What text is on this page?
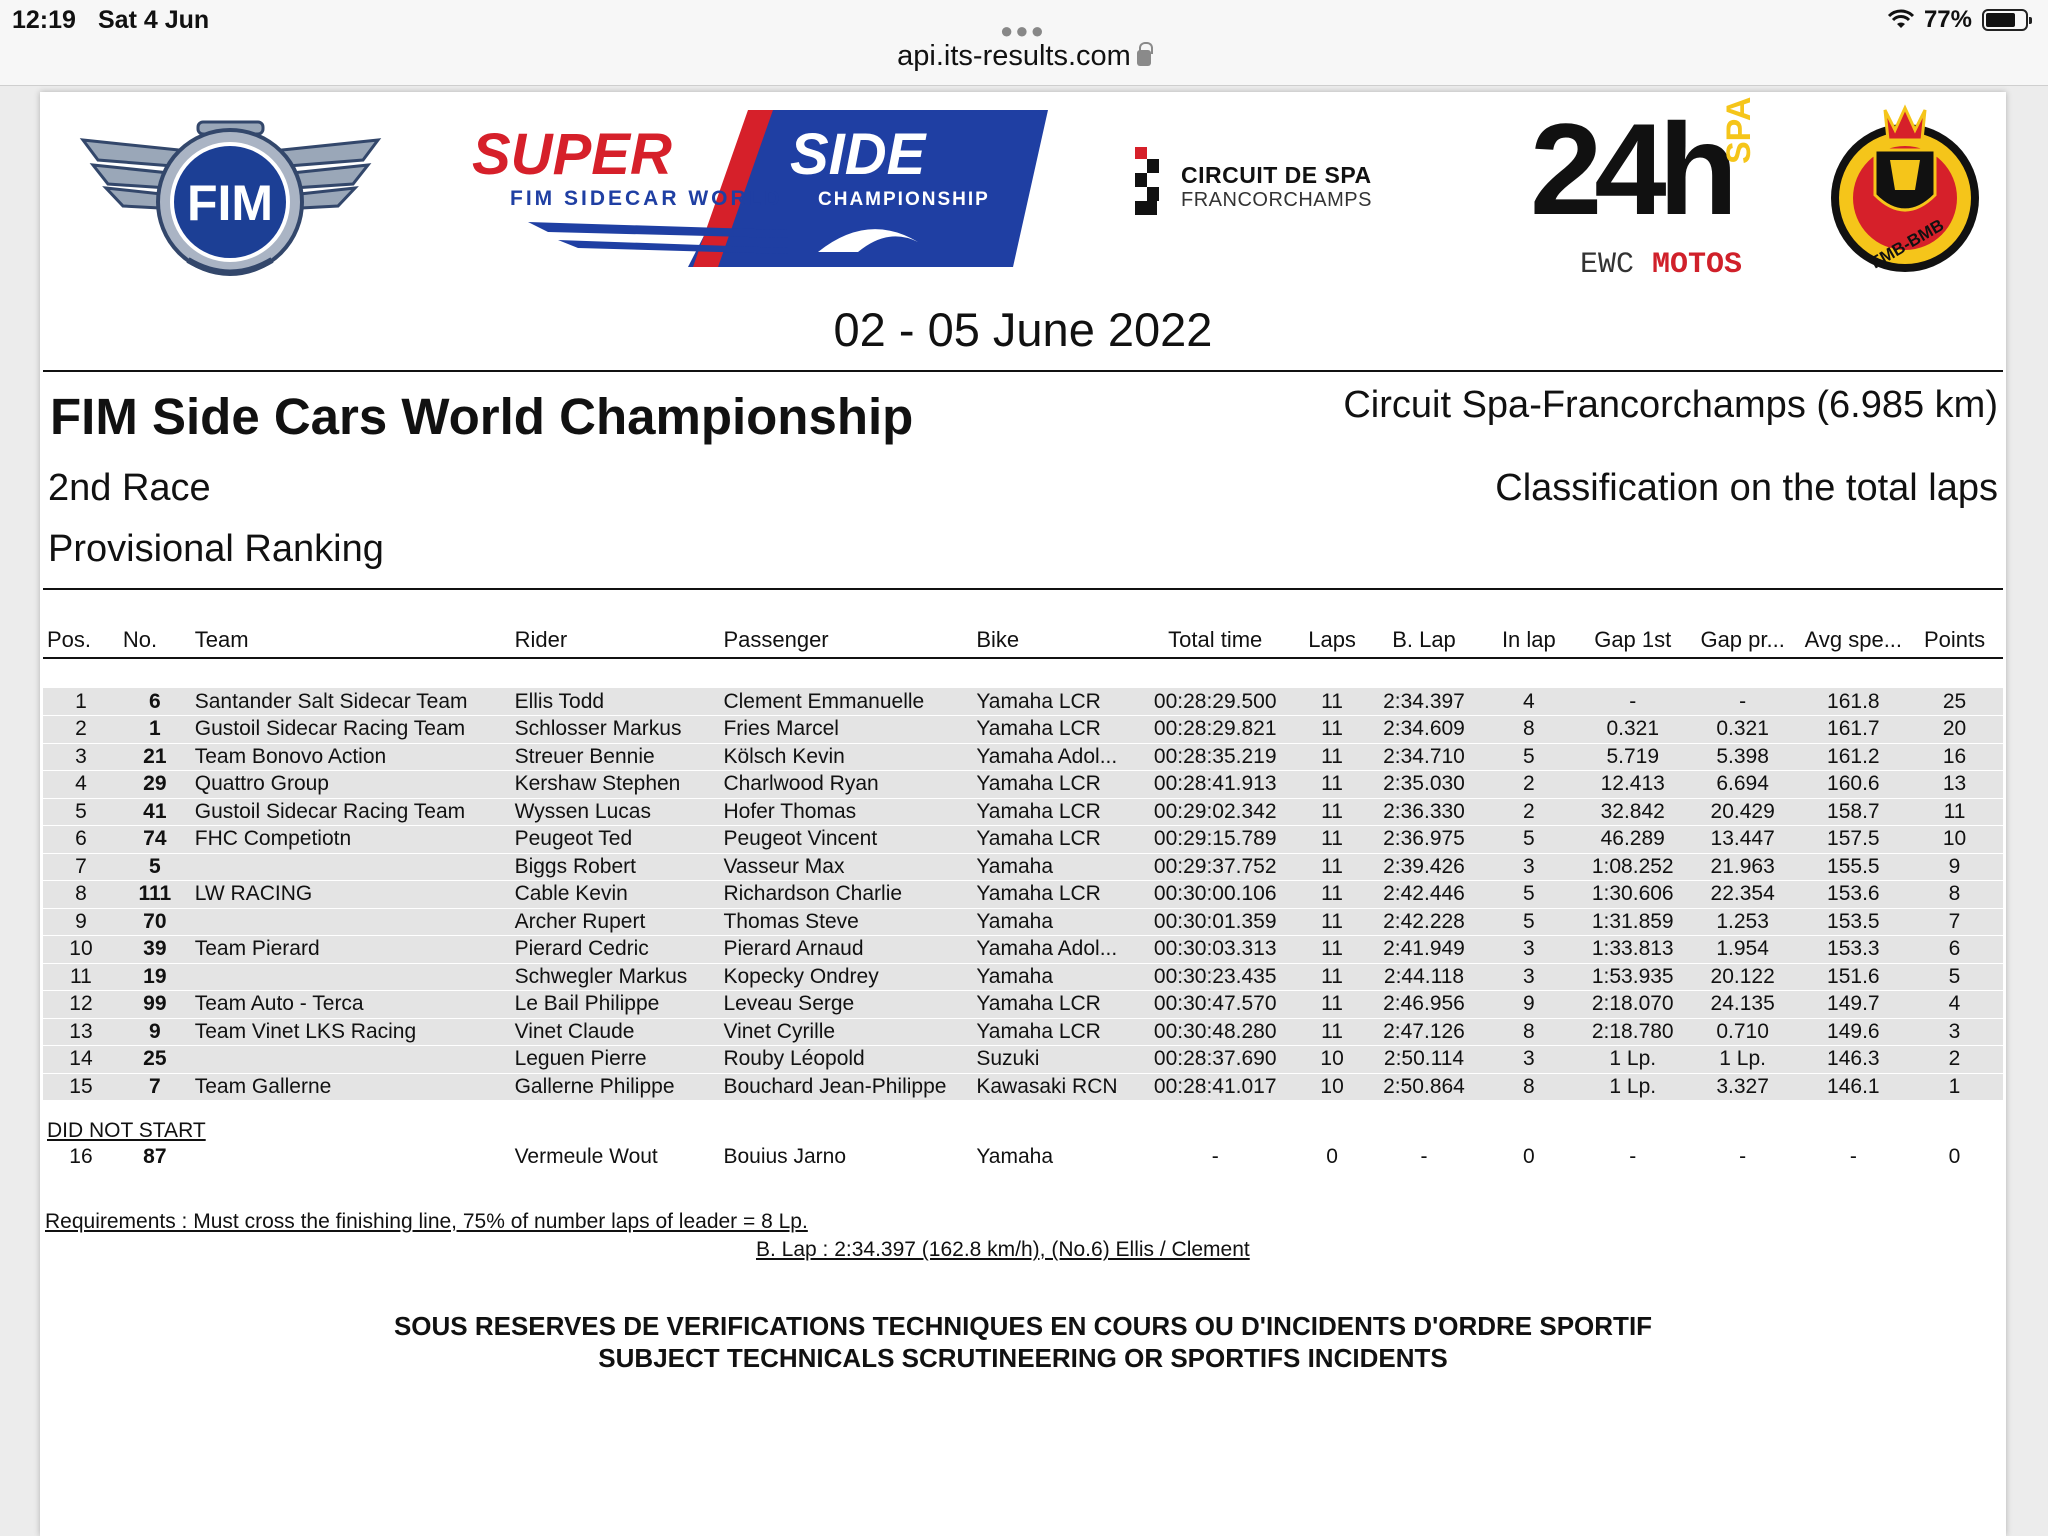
12:19 Sat 4 Jun	●●●
api.its-results.com
77%
FIM
SUPER SIDE
FIM SIDECAR WORLD CHAMPIONSHIP
CIRCUIT DE SPA
FRANCORCHAMPS 24h
SPA
EWC MOTOS	FMB-BMB
02 - 05 June 2022
FIM Side Cars World Championship	Circuit Spa-Francorchamps (6.985 km)
2nd Race	Classification on the total laps
Provisional Ranking
Pos.	No.	Team	Rider	Passenger	Bike	Total time	Laps	B. Lap	In lap	Gap 1st	Gap pr...	Avg spe...	Points

1	6	Santander Salt Sidecar Team	Ellis Todd	Clement Emmanuelle	Yamaha LCR	00:28:29.500	11	2:34.397	4	-	-	161.8	25
2	1	Gustoil Sidecar Racing Team	Schlosser Markus	Fries Marcel	Yamaha LCR	00:28:29.821	11	2:34.609	8	0.321	0.321	161.7	20
3	21	Team Bonovo Action	Streuer Bennie	Kölsch Kevin	Yamaha Adol...	00:28:35.219	11	2:34.710	5	5.719	5.398	161.2	16
4	29	Quattro Group	Kershaw Stephen	Charlwood Ryan	Yamaha LCR	00:28:41.913	11	2:35.030	2	12.413	6.694	160.6	13
5	41	Gustoil Sidecar Racing Team	Wyssen Lucas	Hofer Thomas	Yamaha LCR	00:29:02.342	11	2:36.330	2	32.842	20.429	158.7	11
6	74	FHC Competiotn	Peugeot Ted	Peugeot Vincent	Yamaha LCR	00:29:15.789	11	2:36.975	5	46.289	13.447	157.5	10
7	5		Biggs Robert	Vasseur Max	Yamaha	00:29:37.752	11	2:39.426	3	1:08.252	21.963	155.5	9
8	111	LW RACING	Cable Kevin	Richardson Charlie	Yamaha LCR	00:30:00.106	11	2:42.446	5	1:30.606	22.354	153.6	8
9	70		Archer Rupert	Thomas Steve	Yamaha	00:30:01.359	11	2:42.228	5	1:31.859	1.253	153.5	7
10	39	Team Pierard	Pierard Cedric	Pierard Arnaud	Yamaha Adol...	00:30:03.313	11	2:41.949	3	1:33.813	1.954	153.3	6
11	19		Schwegler Markus	Kopecky Ondrey	Yamaha	00:30:23.435	11	2:44.118	3	1:53.935	20.122	151.6	5
12	99	Team Auto - Terca	Le Bail Philippe	Leveau Serge	Yamaha LCR	00:30:47.570	11	2:46.956	9	2:18.070	24.135	149.7	4
13	9	Team Vinet LKS Racing	Vinet Claude	Vinet Cyrille	Yamaha LCR	00:30:48.280	11	2:47.126	8	2:18.780	0.710	149.6	3
14	25		Leguen Pierre	Rouby Léopold	Suzuki	00:28:37.690	10	2:50.114	3	1 Lp.	1 Lp.	146.3	2
15	7	Team Gallerne	Gallerne Philippe	Bouchard Jean-Philippe	Kawasaki RCN	00:28:41.017	10	2:50.864	8	1 Lp.	3.327	146.1	1
DID NOT START													
16	87		Vermeule Wout	Bouius Jarno	Yamaha	-	0	-	0	-	-	-	0
Requirements : Must cross the finishing line, 75% of number laps of leader = 8 Lp.
B. Lap : 2:34.397 (162.8 km/h), (No.6) Ellis / Clement
SOUS RESERVES DE VERIFICATIONS TECHNIQUES EN COURS OU D'INCIDENTS D'ORDRE SPORTIF
SUBJECT TECHNICALS SCRUTINEERING OR SPORTIFS INCIDENTS
